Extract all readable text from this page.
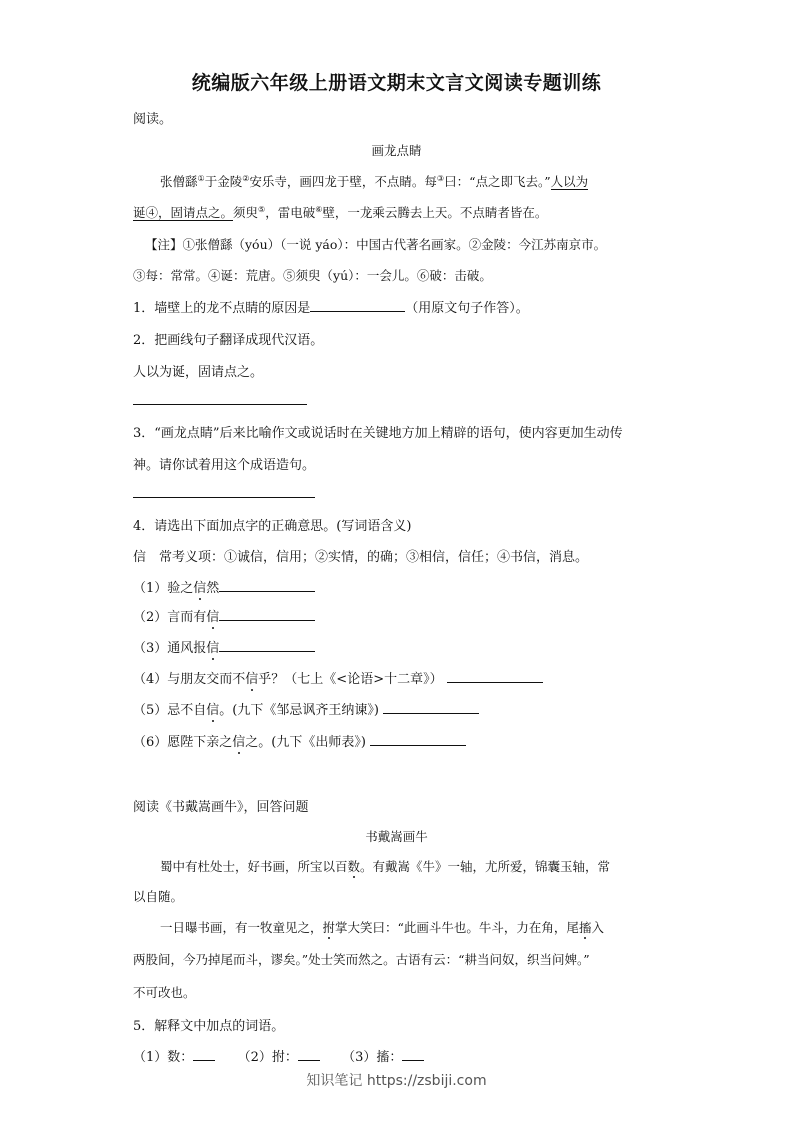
统编版六年级上册语文期末文言文阅读专题训练
阅读。
画龙点睛
张僧繇①于金陵②安乐寺，画四龙于壁，不点睛。每③曰：“点之即飞去。”人以为
诞④，固请点之。须臾⑤，雷电破⑥壁，一龙乘云腾去上天。不点睛者皆在。
【注】①张僧繇（yóu）（一说 yáo）：中国古代著名画家。②金陵：今江苏南京市。
③每：常常。④诞：荒唐。⑤须臾（yú）：一会儿。⑥破：击破。
1．墙壁上的龙不点睛的原因是	（用原文句子作答）。
2．把画线句子翻译成现代汉语。
人以为诞，固请点之。
3．“画龙点睛”后来比喻作文或说话时在关键地方加上精辟的语句，使内容更加生动传
神。请你试着用这个成语造句。
4．请选出下面加点字的正确意思。(写词语含义)
信　常考义项：①诚信，信用；②实情，的确；③相信，信任；④书信，消息。
（1）验之信然
（2）言而有信
（3）通风报信
（4）与朋友交而不信乎？（七上《<论语>十二章》）
（5）忌不自信。(九下《邹忌讽齐王纳谏》)
（6）愿陛下亲之信之。(九下《出师表》)
阅读《书戴嵩画牛》，回答问题
书戴嵩画牛
蜀中有杜处士，好书画，所宝以百数。有戴嵩《牛》一轴，尤所爱，锦囊玉轴，常
以自随。
一日曝书画，有一牧童见之，拊掌大笑曰：“此画斗牛也。牛斗，力在角，尾搐入
两股间，今乃掉尾而斗，谬矣。”处士笑而然之。古语有云：“耕当问奴，织当问婢。”
不可改也。
5．解释文中加点的词语。
（1）数：	（2）拊：	（3）搐：
知识笔记 https://zsbiji.com
